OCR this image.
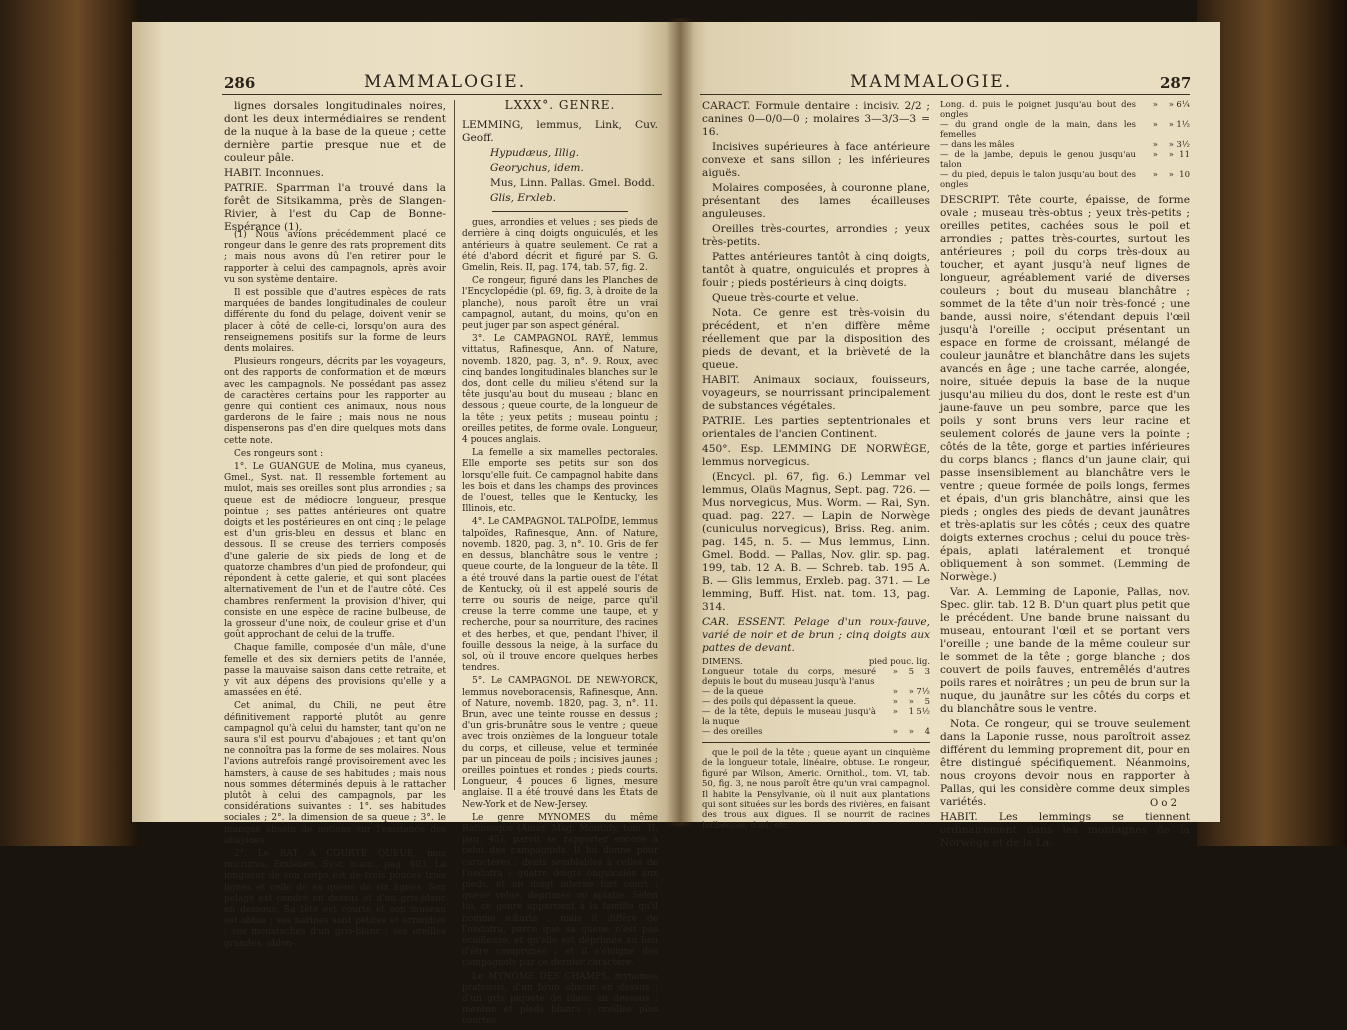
286	MAMMALOGIE.

lignes dorsales longitudinales noires, dont les deux intermédiaires se rendent de la nuque à la base de la queue ; cette dernière partie presque nue et de couleur pâle.

HABIT. Inconnues.

PATRIE. Sparrman l'a trouvé dans la forêt de Sitsikamma, près de Slangen-Rivier, à l'est du Cap de Bonne-Espérance (1).

(1) Nous avions précédemment placé ce rongeur dans le genre des rats proprement dits ; mais nous avons dû l'en retirer pour le rapporter à celui des campagnols, après avoir vu son système dentaire.

Il est possible que d'autres espèces de rats marquées de bandes longitudinales de couleur différente du fond du pelage, doivent venir se placer à côté de celle-ci, lorsqu'on aura des renseignemens positifs sur la forme de leurs dents molaires.

Plusieurs rongeurs, décrits par les voyageurs, ont des rapports de conformation et de mœurs avec les campagnols. Ne possédant pas assez de caractères certains pour les rapporter au genre qui contient ces animaux, nous nous garderons de le faire ; mais nous ne nous dispenserons pas d'en dire quelques mots dans cette note.

Ces rongeurs sont :

1°. Le GUANGUE de Molina, mus cyaneus, Gmel., Syst. nat. Il ressemble fortement au mulot, mais ses oreilles sont plus arrondies ; sa queue est de médiocre longueur, presque pointue ; ses pattes antérieures ont quatre doigts et les postérieures en ont cinq ; le pelage est d'un gris-bleu en dessus et blanc en dessous. Il se creuse des terriers composés d'une galerie de six pieds de long et de quatorze chambres d'un pied de profondeur, qui répondent à cette galerie, et qui sont placées alternativement de l'un et de l'autre côté. Ces chambres renferment la provision d'hiver, qui consiste en une espèce de racine bulbeuse, de la grosseur d'une noix, de couleur grise et d'un goût approchant de celui de la truffe.

Chaque famille, composée d'un mâle, d'une femelle et des six derniers petits de l'année, passe la mauvaise saison dans cette retraite, et y vit aux dépens des provisions qu'elle y a amassées en été.

Cet animal, du Chili, ne peut être définitivement rapporté plutôt au genre campagnol qu'à celui du hamster, tant qu'on ne saura s'il est pourvu d'abajoues ; et tant qu'on ne connoîtra pas la forme de ses molaires. Nous l'avions autrefois rangé provisoirement avec les hamsters, à cause de ses habitudes ; mais nous nous sommes déterminés depuis à le rattacher plutôt à celui des campagnols, par les considérations suivantes : 1°. ses habitudes sociales ; 2°. la dimension de sa queue ; 3°. le manque absolu de notions sur l'existence des abajoues.

2°. Le RAT A COURTE QUEUE, mus micrurus, Erxleben, Syst. mam., pag. 403. La longueur de son corps est de trois pouces trois lignes et celle de sa queue de six lignes. Son pelage est cendré en dessus et d'un gris-blanc en dessous. Sa tête est courte et son museau est obtus ; ses narines sont petites et arrondies ; ses moustaches d'un gris-blanc ; ses oreilles grandes, oblon-

LXXX°. GENRE.

LEMMING, lemmus, Link, Cuv. Geoff.

Hypudæus, Illig.

Georychus, idem.

Mus, Linn. Pallas. Gmel. Bodd.

Glis, Erxleb.

gues, arrondies et velues ; ses pieds de derrière à cinq doigts onguiculés, et les antérieurs à quatre seulement. Ce rat a été d'abord décrit et figuré par S. G. Gmelin, Reis. II, pag. 174, tab. 57, fig. 2.

Ce rongeur, figuré dans les Planches de l'Encyclopédie (pl. 69, fig. 3, à droite de la planche), nous paroît être un vrai campagnol, autant, du moins, qu'on en peut juger par son aspect général.

3°. Le CAMPAGNOL RAYÉ, lemmus vittatus, Rafinesque, Ann. of Nature, novemb. 1820, pag. 3, n°. 9. Roux, avec cinq bandes longitudinales blanches sur le dos, dont celle du milieu s'étend sur la tête jusqu'au bout du museau ; blanc en dessous ; queue courte, de la longueur de la tête ; yeux petits ; museau pointu ; oreilles petites, de forme ovale. Longueur, 4 pouces anglais.

La femelle a six mamelles pectorales. Elle emporte ses petits sur son dos lorsqu'elle fuit. Ce campagnol habite dans les bois et dans les champs des provinces de l'ouest, telles que le Kentucky, les Illinois, etc.

4°. Le CAMPAGNOL TALPOÏDE, lemmus talpoïdes, Rafinesque, Ann. of Nature, novemb. 1820, pag. 3, n°. 10. Gris de fer en dessus, blanchâtre sous le ventre ; queue courte, de la longueur de la tête. Il a été trouvé dans la partie ouest de l'état de Kentucky, où il est appelé souris de terre ou souris de neige, parce qu'il creuse la terre comme une taupe, et y recherche, pour sa nourriture, des racines et des herbes, et que, pendant l'hiver, il fouille dessous la neige, à la surface du sol, où il trouve encore quelques herbes tendres.

5°. Le CAMPAGNOL DE NEW-YORCK, lemmus noveboracensis, Rafinesque, Ann. of Nature, novemb. 1820, pag. 3, n°. 11. Brun, avec une teinte rousse en dessus ; d'un gris-brunâtre sous le ventre ; queue avec trois onzièmes de la longueur totale du corps, et cilleuse, velue et terminée par un pinceau de poils ; incisives jaunes ; oreilles pointues et rondes ; pieds courts. Longueur, 4 pouces 6 lignes, mesure anglaise. Il a été trouvé dans les États de New-York et de New-Jersey.

Le genre MYNOMES du même Rafinesque (Amér. Mag. Monthly, tom. II, pag. 45), paroît se rapporter encore à celui des campagnols. Il lui donne pour caractères : dents semblables à celles de l'ondatra ; quatre doigts onguiculés aux pieds, et un doigt interne fort court ; queue velue, déprimée ou aplatie. Selon lui, ce genre appartient à la famille qu'il nomme ichuria ; mais il diffère de l'ondatra, parce que sa queue n'est pas écailleuse, et qu'elle est déprimée au lieu d'être comprimée ; et il s'éloigne des campagnols par ce dernier caractère.

Le MYNOME DES CHAMPS, mynomes pratensis, d'un brun obscur en dessus ; d'un gris piqueté de blanc en dessous ; menton et pieds blancs ; oreilles plus courtes

MAMMALOGIE.	287

CARACT. Formule dentaire : incisiv. 2/2 ; canines 0—0/0—0 ; molaires 3—3/3—3 = 16.

Incisives supérieures à face antérieure convexe et sans sillon ; les inférieures aiguës.

Molaires composées, à couronne plane, présentant des lames écailleuses anguleuses.

Oreilles très-courtes, arrondies ; yeux très-petits.

Pattes antérieures tantôt à cinq doigts, tantôt à quatre, onguiculés et propres à fouir ; pieds postérieurs à cinq doigts.

Queue très-courte et velue.

Nota. Ce genre est très-voisin du précédent, et n'en diffère même réellement que par la disposition des pieds de devant, et la brièveté de la queue.

HABIT. Animaux sociaux, fouisseurs, voyageurs, se nourrissant principalement de substances végétales.

PATRIE. Les parties septentrionales et orientales de l'ancien Continent.

450°. Esp. LEMMING DE NORWÈGE, lemmus norvegicus.

(Encycl. pl. 67, fig. 6.) Lemmar vel lemmus, Olaüs Magnus, Sept. pag. 726. — Mus norvegicus, Mus. Worm. — Rai, Syn. quad. pag. 227. — Lapin de Norwège (cuniculus norvegicus), Briss. Reg. anim. pag. 145, n. 5. — Mus lemmus, Linn. Gmel. Bodd. — Pallas, Nov. glir. sp. pag. 199, tab. 12 A. B. — Schreb. tab. 195 A. B. — Glis lemmus, Erxleb. pag. 371. — Le lemming, Buff. Hist. nat. tom. 13, pag. 314.

CAR. ESSENT. Pelage d'un roux-fauve, varié de noir et de brun ; cinq doigts aux pattes de devant.

DIMENS.	pied pouc. lig.
Longueur totale du corps, mesuré depuis le bout du museau jusqu'à l'anus
» 5 3
— de la queue	» » 7½
— des poils qui dépassent la queue.	» » 5
— de la tête, depuis le museau jusqu'à la nuque
» 1 5½
— des oreilles	» » 4

que le poil de la tête ; queue ayant un cinquième de la longueur totale, linéaire, obtuse. Le rongeur, figuré par Wilson, Americ. Ornithol., tom. VI, tab. 50, fig. 3, ne nous paroît être qu'un vrai campagnol. Il habite la Pensylvanie, où il nuit aux plantations qui sont situées sur les bords des rivières, en faisant des trous aux digues. Il se nourrit de racines bulbeuses, d'ail, etc.

Long. d. puis le poignet jusqu'au bout des ongles
» » 6¼
— du grand ongle de la main, dans les femelles
» » 1½
— dans les mâles	» » 3½
— de la jambe, depuis le genou jusqu'au talon
» » 11
— du pied, depuis le talon jusqu'au bout des ongles
» » 10

DESCRIPT. Tête courte, épaisse, de forme ovale ; museau très-obtus ; yeux très-petits ; oreilles petites, cachées sous le poil et arrondies ; pattes très-courtes, surtout les antérieures ; poil du corps très-doux au toucher, et ayant jusqu'à neuf lignes de longueur, agréablement varié de diverses couleurs ; bout du museau blanchâtre ; sommet de la tête d'un noir très-foncé ; une bande, aussi noire, s'étendant depuis l'œil jusqu'à l'oreille ; occiput présentant un espace en forme de croissant, mélangé de couleur jaunâtre et blanchâtre dans les sujets avancés en âge ; une tache carrée, alongée, noire, située depuis la base de la nuque jusqu'au milieu du dos, dont le reste est d'un jaune-fauve un peu sombre, parce que les poils y sont bruns vers leur racine et seulement colorés de jaune vers la pointe ; côtés de la tête, gorge et parties inférieures du corps blancs ; flancs d'un jaune clair, qui passe insensiblement au blanchâtre vers le ventre ; queue formée de poils longs, fermes et épais, d'un gris blanchâtre, ainsi que les pieds ; ongles des pieds de devant jaunâtres et très-aplatis sur les côtés ; ceux des quatre doigts externes crochus ; celui du pouce très-épais, aplati latéralement et tronqué obliquement à son sommet. (Lemming de Norwège.)

Var. A. Lemming de Laponie, Pallas, nov. Spec. glir. tab. 12 B. D'un quart plus petit que le précédent. Une bande brune naissant du museau, entourant l'œil et se portant vers l'oreille ; une bande de la même couleur sur le sommet de la tête ; gorge blanche ; dos couvert de poils fauves, entremêlés d'autres poils rares et noirâtres ; un peu de brun sur la nuque, du jaunâtre sur les côtés du corps et du blanchâtre sous le ventre.

Nota. Ce rongeur, qui se trouve seulement dans la Laponie russe, nous paroîtroit assez différent du lemming proprement dit, pour en être distingué spécifiquement. Néanmoins, nous croyons devoir nous en rapporter à Pallas, qui les considère comme deux simples variétés.

HABIT. Les lemmings se tiennent ordinairement dans les montagnes de la Norwège et de la La-

O o 2
